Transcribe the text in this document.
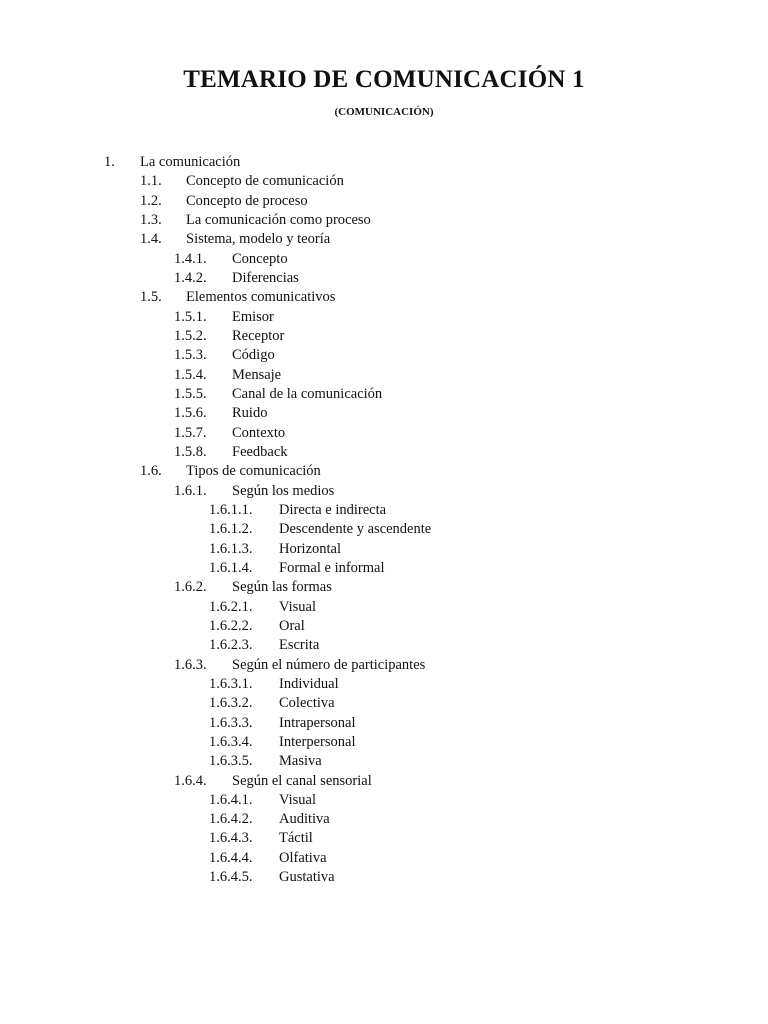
TEMARIO DE COMUNICACIÓN 1
(COMUNICACIÓN)
1. La comunicación
1.1. Concepto de comunicación
1.2. Concepto de proceso
1.3. La comunicación como proceso
1.4. Sistema, modelo y teoría
1.4.1. Concepto
1.4.2. Diferencias
1.5. Elementos comunicativos
1.5.1. Emisor
1.5.2. Receptor
1.5.3. Código
1.5.4. Mensaje
1.5.5. Canal de la comunicación
1.5.6. Ruido
1.5.7. Contexto
1.5.8. Feedback
1.6. Tipos de comunicación
1.6.1. Según los medios
1.6.1.1. Directa e indirecta
1.6.1.2. Descendente y ascendente
1.6.1.3. Horizontal
1.6.1.4. Formal e informal
1.6.2. Según las formas
1.6.2.1. Visual
1.6.2.2. Oral
1.6.2.3. Escrita
1.6.3. Según el número de participantes
1.6.3.1. Individual
1.6.3.2. Colectiva
1.6.3.3. Intrapersonal
1.6.3.4. Interpersonal
1.6.3.5. Masiva
1.6.4. Según el canal sensorial
1.6.4.1. Visual
1.6.4.2. Auditiva
1.6.4.3. Táctil
1.6.4.4. Olfativa
1.6.4.5. Gustativa
